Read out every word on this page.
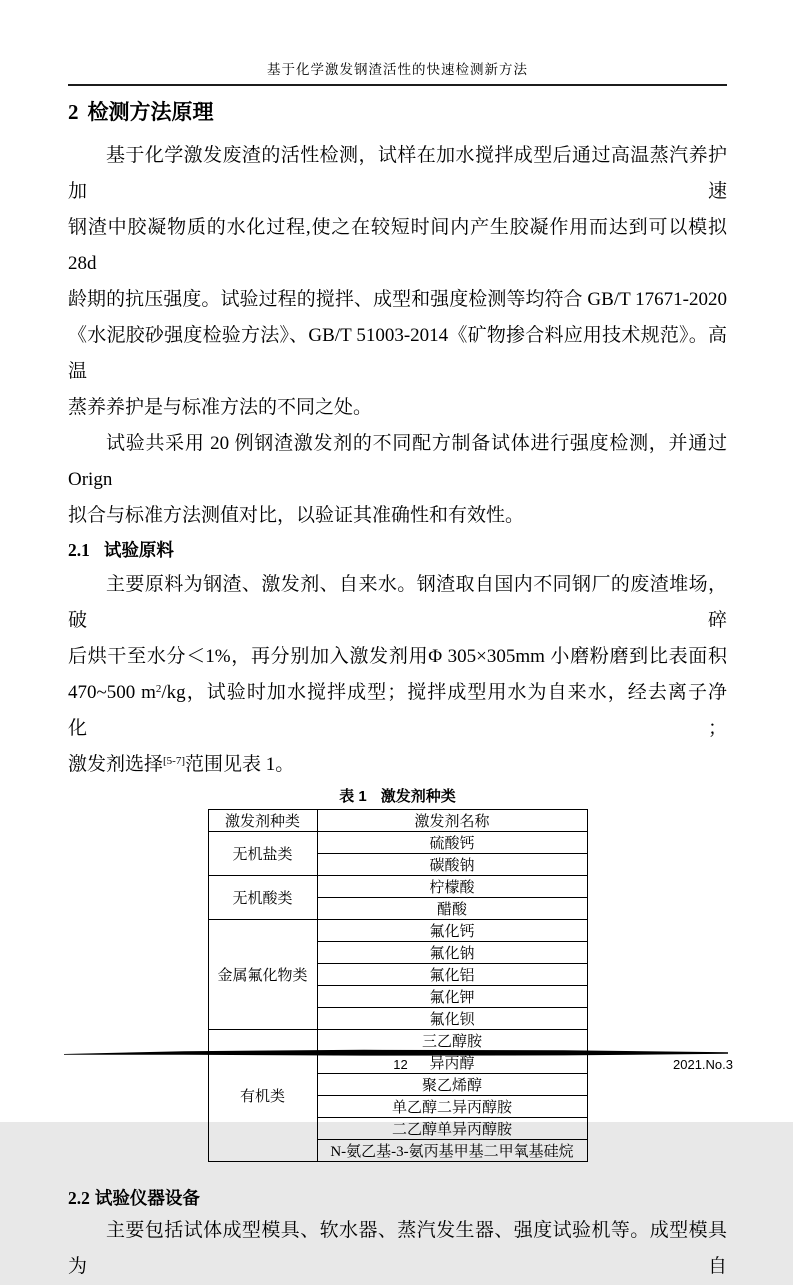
基于化学激发钢渣活性的快速检测新方法
2 检测方法原理
基于化学激发废渣的活性检测，试样在加水搅拌成型后通过高温蒸汽养护加速
钢渣中胶凝物质的水化过程,使之在较短时间内产生胶凝作用而达到可以模拟 28d
龄期的抗压强度。试验过程的搅拌、成型和强度检测等均符合 GB/T 17671-2020
《水泥胶砂强度检验方法》、GB/T 51003-2014《矿物掺合料应用技术规范》。高温
蒸养养护是与标准方法的不同之处。
试验共采用 20 例钢渣激发剂的不同配方制备试体进行强度检测，并通过 Orign
拟合与标准方法测值对比，以验证其准确性和有效性。
2.1 试验原料
主要原料为钢渣、激发剂、自来水。钢渣取自国内不同钢厂的废渣堆场，破碎
后烘干至水分＜1%，再分别加入激发剂用Φ 305×305mm 小磨粉磨到比表面积
470~500 m$^2$/kg，试验时加水搅拌成型；搅拌成型用水为自来水，经去离子净化；
激发剂选择[5-7]范围见表 1。
表 1 激发剂种类
激发剂种类	激发剂名称
无机盐类	硫酸钙
	碳酸钠
无机酸类	柠檬酸
	醋酸
金属氟化物类	氟化钙
	氟化钠
	氟化铝
	氟化钾
	氟化钡
有机类	三乙醇胺
	异丙醇
	聚乙烯醇
	单乙醇二异丙醇胺
	二乙醇单异丙醇胺
	N-氨乙基-3-氨丙基甲基二甲氧基硅烷
2.2 试验仪器设备
主要包括试体成型模具、软水器、蒸汽发生器、强度试验机等。成型模具为自
12	2021.No.3
